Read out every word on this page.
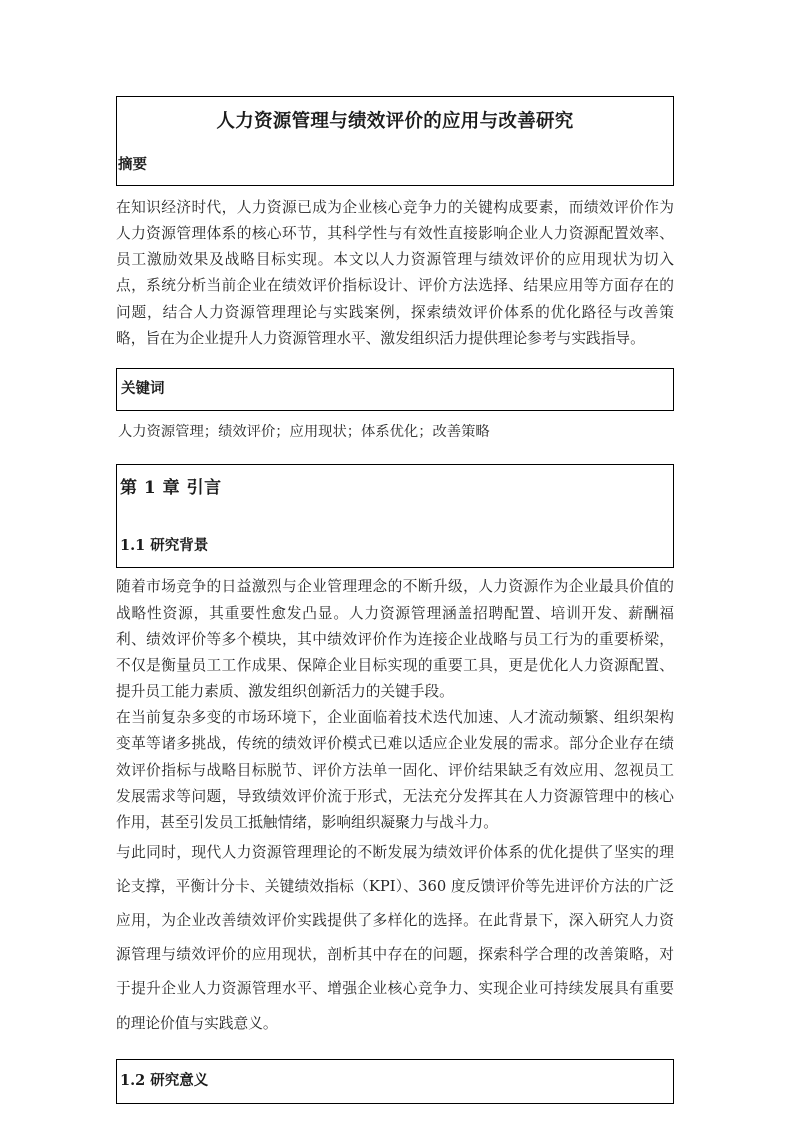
人力资源管理与绩效评价的应用与改善研究
摘要

在知识经济时代，人力资源已成为企业核心竞争力的关键构成要素，而绩效评价作为人力资源管理体系的核心环节，其科学性与有效性直接影响企业人力资源配置效率、员工激励效果及战略目标实现。本文以人力资源管理与绩效评价的应用现状为切入点，系统分析当前企业在绩效评价指标设计、评价方法选择、结果应用等方面存在的问题，结合人力资源管理理论与实践案例，探索绩效评价体系的优化路径与改善策略，旨在为企业提升人力资源管理水平、激发组织活力提供理论参考与实践指导。

关键词
人力资源管理；绩效评价；应用现状；体系优化；改善策略
第 1 章 引言
1.1 研究背景

随着市场竞争的日益激烈与企业管理理念的不断升级，人力资源作为企业最具价值的战略性资源，其重要性愈发凸显。人力资源管理涵盖招聘配置、培训开发、薪酬福利、绩效评价等多个模块，其中绩效评价作为连接企业战略与员工行为的重要桥梁，不仅是衡量员工工作成果、保障企业目标实现的重要工具，更是优化人力资源配置、提升员工能力素质、激发组织创新活力的关键手段。

在当前复杂多变的市场环境下，企业面临着技术迭代加速、人才流动频繁、组织架构变革等诸多挑战，传统的绩效评价模式已难以适应企业发展的需求。部分企业存在绩效评价指标与战略目标脱节、评价方法单一固化、评价结果缺乏有效应用、忽视员工发展需求等问题，导致绩效评价流于形式，无法充分发挥其在人力资源管理中的核心作用，甚至引发员工抵触情绪，影响组织凝聚力与战斗力。

与此同时，现代人力资源管理理论的不断发展为绩效评价体系的优化提供了坚实的理论支撑，平衡计分卡、关键绩效指标（KPI）、360 度反馈评价等先进评价方法的广泛应用，为企业改善绩效评价实践提供了多样化的选择。在此背景下，深入研究人力资源管理与绩效评价的应用现状，剖析其中存在的问题，探索科学合理的改善策略，对于提升企业人力资源管理水平、增强企业核心竞争力、实现企业可持续发展具有重要的理论价值与实践意义。

1.2 研究意义
